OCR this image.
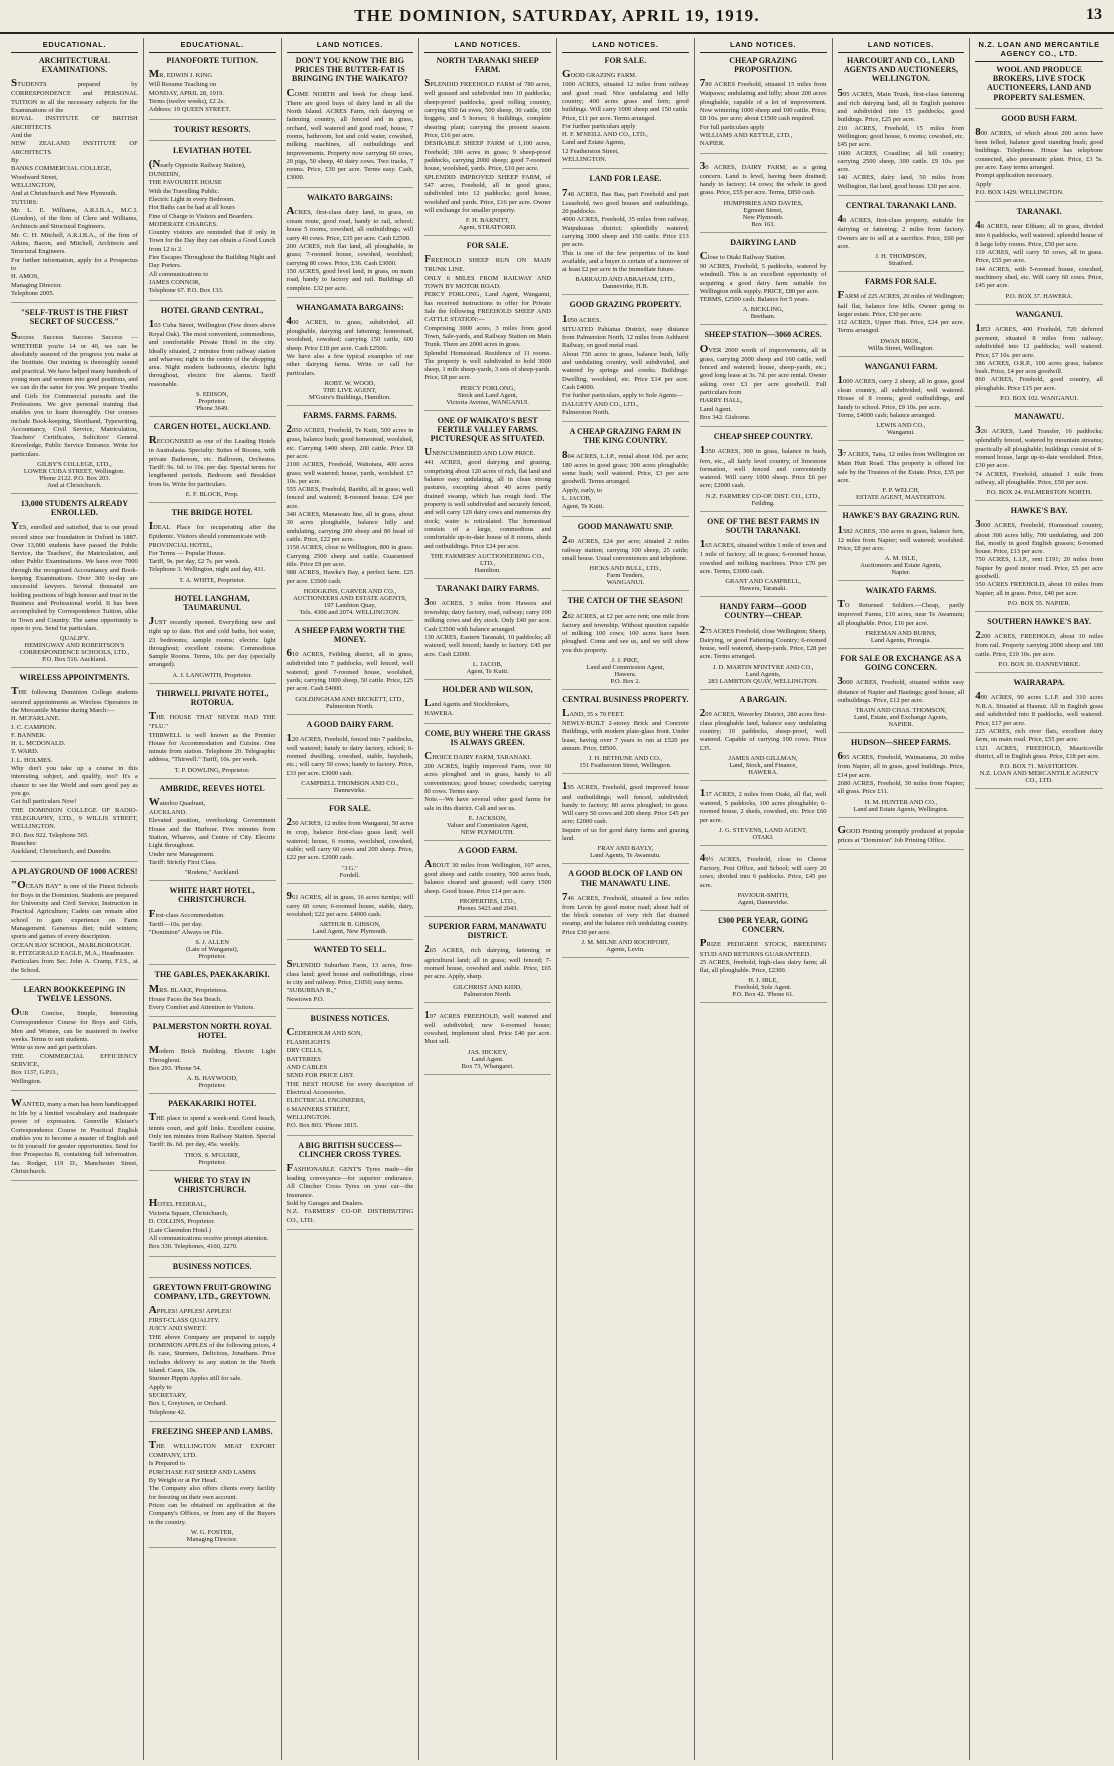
THE DOMINION, SATURDAY, APRIL 19, 1919.	13
EDUCATIONAL.
ARCHITECTURAL EXAMINATIONS.
STUDENTS prepared by CORRESPONDENCE and PERSONAL TUITION in all the necessary subjects for the Examinations of the
ROYAL INSTITUTE OF BRITISH ARCHITECTS
And the
NEW ZEALAND INSTITUTE OF ARCHITECTS
By
BANKS COMMERCIAL COLLEGE,
Woodward Street,
WELLINGTON,
And at Christchurch and New Plymouth.
TUTORS:
Mr. L. E. Williams, A.R.I.B.A., M.C.I. (London), of the firm of Clere and Williams, Architects and Structural Engineers.
Mr. C. H. Mitchell, A.R.I.B.A., of the firm of Atkins, Bacon, and Mitchell, Architects and Structural Engineers.
For further information, apply for a Prospectus to
H. AMOS,
Managing Director.
Telephone 2005.
"SELF-TRUST IS THE FIRST SECRET OF SUCCESS."
Success Success Success Success — WHETHER you're 14 or 40, we can be absolutely assured of the progress you make at the Institute. Our training is thoroughly sound and practical. We have helped many hundreds of young men and women into good positions, and we can do the same for you. We prepare Youths and Girls for Commercial pursuits and the Professions. We give personal training that enables you to learn thoroughly. Our courses include Book-keeping, Shorthand, Typewriting, Accountancy, Civil Service, Matriculation, Teachers' Certificates, Solicitors' General Knowledge, Public Service Entrance. Write for particulars.
GILBY'S COLLEGE, LTD.,
LOWER CUBA STREET, Wellington.
'Phone 2122. P.O. Box 203.
And at Christchurch.
13,000 STUDENTS ALREADY ENROLLED.
YES, enrolled and satisfied, that is our proud record since our foundation in Oxford in 1887. Over 13,000 students have passed the Public Service, the Teachers', the Matriculation, and other Public Examinations. We have over 7000 through the recognised Accountancy and Book-keeping Examinations. Over 300 to-day are successful lawyers. Several thousand are holding positions of high honour and trust in the Business and Professional world. It has been accomplished by Correspondence Tuition, alike in Town and Country. The same opportunity is open to you. Send for particulars.
QUALIFY.
HEMINGWAY AND ROBERTSON'S CORRESPONDENCE SCHOOLS, LTD.,
P.O. Box 516. Auckland.
WIRELESS APPOINTMENTS.
THE following Dominion College students secured appointments as Wireless Operators in the Mercantile Marine during March:—
H. MCFARLANE.
J. C. CAMPION.
F. BANNER.
H. L. MCDONALD.
T. WARD.
J. L. HOLMES.
Why don't you take up a course in this interesting subject, and qualify, too? It's a chance to see the World and earn good pay as you go.
Get full particulars Now!
THE DOMINION COLLEGE OF RADIO-TELEGRAPHY, LTD., 9 WILLIS STREET, WELLINGTON.
P.O. Box 922. Telephone 565.
Branches:
Auckland, Christchurch, and Dunedin.
A PLAYGROUND OF 1000 ACRES!
"OCEAN BAY" is one of the Finest Schools for Boys in the Dominion. Students are prepared for University and Civil Service; Instruction in Practical Agriculture; Cadets can remain after school to gain experience on Farm Management. Generous diet; mild winters; sports and games of every description.
OCEAN BAY SCHOOL, MARLBOROUGH.
R. FITZGERALD EAGLE, M.A., Headmaster.
Particulars from Sec. John A. Cramp, F.I.S., at the School.
LEARN BOOKKEEPING IN TWELVE LESSONS.
OUR Concise, Simple, Interesting Correspondence Course for Boys and Girls, Men and Women, can be mastered in twelve weeks. Terms to suit students.
Write us now and get particulars.
THE COMMERCIAL EFFICIENCY SERVICE,
Box 1137, G.P.O.,
Wellington.
WANTED, many a man has been handicapped in life by a limited vocabulary and inadequate power of expression. Grenville Kleiser's Correspondence Course in Practical English enables you to become a master of English and to fit yourself for greater opportunities. Send for free Prospectus B, containing full information. Jas. Rodger, 119 D., Manchester Street, Christchurch.
EDUCATIONAL.
PIANOFORTE TUITION.
MR. EDWIN J. KING
Will Resume Teaching on
MONDAY, APRIL 28, 1919.
Terms (twelve weeks), £2 2s.
Address: 19 QUEEN STREET.
TOURIST RESORTS.
LEVIATHAN HOTEL
(Nearly Opposite Railway Station),
DUNEDIN,
THE FAVOURITE HOUSE
With the Travelling Public.
Electric Light in every Bedroom.
Hot Baths can be had at all hours
Fine of Charge to Visitors and Boarders.
MODERATE CHARGES.
Country visitors are reminded that if only in Town for the Day they can obtain a Good Lunch from 12 to 2.
Fire Escapes Throughout the Building Night and Day Porters.
All communications to
JAMES CONNOR,
Telephone 67. P.O. Box 133.
HOTEL GRAND CENTRAL,
103 Cuba Street, Wellington (Few doors above Royal Oak). The most convenient, commodious, and comfortable Private Hotel in the city. Ideally situated, 2 minutes from railway station and wharves; right in the centre of the shopping area. Night modern bathrooms, electric light throughout, electric fire alarms. Tariff reasonable.
S. EDISON,
Proprietor.
'Phone 3649.
CARGEN HOTEL, AUCKLAND.
RECOGNISED as one of the Leading Hotels in Australasia. Specialty: Suites of Rooms, with private Bathroom, etc. Ballroom, Orchestra. Tariff: 9s. 6d. to 16s. per day. Special terms for lengthened periods. Bedroom and Breakfast from 6s. Write for particulars.
E. F. BLOCK, Prop.
THE BRIDGE HOTEL
IDEAL Place for recuperating after the Epidemic. Visitors should communicate with
PROVINCIAL HOTEL,
For Terms — Popular House.
Tariff, 9s. per day, £2 7s. per week.
Telephone 3. Wellington, night and day, 431.
T. A. WHITE, Proprietor.
HOTEL LANGHAM, TAUMARUNUI.
JUST recently opened. Everything new and right up to date. Hot and cold baths, hot water, 23 bedrooms; sample rooms; electric light throughout; excellent cuisine. Commodious Sample Rooms. Terms, 10s. per day (specially arranged).
A. J. LANGWITH, Proprietor.
THIRWELL PRIVATE HOTEL, ROTORUA.
THE HOUSE THAT NEVER HAD THE "FLU."
THIRWELL is well known as the Premier House for Accommodation and Cuisine. One minute from station. Telephone 20. Telegraphic address, "Thirwell." Tariff, 10s. per week.
T. P. DOWLING, Proprietor.
AMBRIDE, REEVES HOTEL
Waterloo Quadrant,
AUCKLAND.
Elevated position, overlooking Government House and the Harbour. Five minutes from Station, Wharves, and Centre of City. Electric Light throughout.
Under new Management.
Tariff: Strictly First Class.
"Rodene," Auckland.
WHITE HART HOTEL, CHRISTCHURCH.
First-class Accommodation.
Tariff—10s. per day.
"Dominion" Always on File.
S. J. ALLEN
(Late of Wanganui),
Proprietor.
THE GABLES, PAEKAKARIKI.
MRS. BLAKE, Proprietress.
House Faces the Sea Beach.
Every Comfort and Attention to Visitors.
PALMERSTON NORTH. ROYAL HOTEL
Modern Brick Building. Electric Light Throughout.
Box 293. 'Phone 54.
A. B. HAYWOOD,
Proprietor.
PAEKAKARIKI HOTEL
THE place to spend a week-end. Good beach, tennis court, and golf links. Excellent cuisine. Only ten minutes from Railway Station. Special Tariff: 8s. 6d. per day, 45s. weekly.
THOS. S. M'GUIRE,
Proprietor.
WHERE TO STAY IN CHRISTCHURCH.
HOTEL FEDERAL,
Victoria Square, Christchurch,
D. COLLINS, Proprietor.
(Late Clarendon Hotel.)
All communications receive prompt attention.
Box 330. Telephones, 4160, 2270.
BUSINESS NOTICES.
GREYTOWN FRUIT-GROWING COMPANY, LTD., GREYTOWN.
APPLES! APPLES! APPLES!
FIRST-CLASS QUALITY.
JUICY AND SWEET.
THE above Company are prepared to supply DOMINION APPLES of the following prices, 4 lb. case, Sturmers, Delicious, Jonathans. Price includes delivery to any station in the North Island. Cases, 10s.
Sturmer Pippin Apples still for sale.
Apply to
SECRETARY,
Box 1, Greytown, or Orchard.
Telephone 42.
FREEZING SHEEP AND LAMBS.
THE WELLINGTON MEAT EXPORT COMPANY, LTD.
Is Prepared to
PURCHASE FAT SHEEP AND LAMBS
By Weight or at Per Head.
The Company also offers clients every facility for freezing on their own account.
Prices can be obtained on application at the Company's Offices, or from any of the Buyers in the country.
W. G. FOSTER,
Managing Director.
LAND NOTICES.
DON'T YOU KNOW THE BIG PRICES THE BUTTER-FAT IS BRINGING IN THE WAIKATO?
COME NORTH and book for cheap land. There are good buys of dairy land in all the North Island. ACRES Farm, rich dairying or fattening country, all fenced and in grass, orchard, well watered and good road, house, 7 rooms, bathroom, hot and cold water, cowshed, milking machines, all outbuildings and improvements. Property now carrying 60 cows, 20 pigs, 50 sheep, 40 dairy cows. Two tracks, 7 rooms. Price, £30 per acre. Terms easy. Cash, £3000.
WAIKATO BARGAINS:
ACRES, first-class dairy land, in grass, on cream route, good road, handy to rail, school; house 5 rooms, cowshed, all outbuildings; will carry 40 cows. Price, £35 per acre. Cash £2500.
200 ACRES, rich flat land, all ploughable, in grass; 7-roomed house, cowshed, woolshed; carrying 80 cows. Price, £36. Cash £3000.
150 ACRES, good level land, in grass, on main road, handy to factory and rail. Buildings all complete. £32 per acre.
WHANGAMATA BARGAINS:
400 ACRES, in grass, subdivided, all ploughable, dairying and fattening; homestead, woolshed, cowshed; carrying 150 cattle, 600 sheep. Price £18 per acre. Cash £2500.
We have also a few typical examples of our other dairying farms. Write or call for particulars.
ROBT. W. WOOD,
THE LIVE AGENT,
M'Guire's Buildings, Hamilton.
FARMS. FARMS. FARMS.
2050 ACRES, Freehold, Te Kuiti, 500 acres in grass, balance bush; good homestead, woolshed, etc. Carrying 1400 sheep, 200 cattle. Price £8 per acre.
2100 ACRES, Freehold, Waitotara, 400 acres grass; well watered; house, yards, woolshed. £7 10s. per acre.
555 ACRES, Freehold, Raetihi, all in grass; well fenced and watered; 8-roomed house. £24 per acre.
340 ACRES, Manawatu line, all in grass, about 30 acres ploughable, balance hilly and undulating, carrying 200 sheep and 80 head of cattle. Price, £22 per acre.
1150 ACRES, close to Wellington, 800 in grass. Carrying 2500 sheep and cattle. Guaranteed title. Price £9 per acre.
988 ACRES, Hawke's Bay, a perfect farm. £25 per acre. £3500 cash.
HODGKINS, CARVER AND CO.,
AUCTIONEERS AND ESTATE AGENTS,
197 Lambton Quay,
Tels. 4306 and 2074. WELLINGTON.
A SHEEP FARM WORTH THE MONEY.
610 ACRES, Feilding district, all in grass, subdivided into 7 paddocks, well fenced, well watered; good 7-roomed house, woolshed, yards; carrying 1000 sheep, 50 cattle. Price, £25 per acre. Cash £4000.
GOLDINGHAM AND BECKETT, LTD.,
Palmerston North.
A GOOD DAIRY FARM.
120 ACRES, Freehold, fenced into 7 paddocks, well watered; handy to dairy factory, school; 6-roomed dwelling, cowshed, stable, haysheds, etc.; will carry 50 cows; handy to factory. Price, £33 per acre. £3000 cash.
CAMPBELL THOMSON AND CO.,
Dannevirke.
FOR SALE.
250 ACRES, 12 miles from Wanganui, 50 acres in crop, balance first-class grass land; well watered; house, 6 rooms, woolshed, cowshed, stable; will carry 60 cows and 200 sheep. Price, £22 per acre. £2000 cash.
"J.G."
Fordell.
961 ACRES, all in grass, 16 acres turnips; will carry 60 cows; 6-roomed house, stable, dairy, woolshed; £22 per acre. £4000 cash.
ARTHUR B. GIBSON,
Land Agent, New Plymouth.
WANTED TO SELL.
SPLENDID Suburban Farm, 13 acres, first-class land; good house and outbuildings, close to city and railway. Price, £1050; easy terms.
"SUBURBAN R.,"
Newtown P.O.
BUSINESS NOTICES.
CEDERHOLM AND SON,
FLASHLIGHTS
DRY CELLS,
BATTERIES
AND CABLES
SEND FOR PRICE LIST.
THE BEST HOUSE for every description of Electrical Accessories.
ELECTRICAL ENGINEERS,
6 MANNERS STREET,
WELLINGTON.
P.O. Box 803. 'Phone 1815.
A BIG BRITISH SUCCESS— CLINCHER CROSS TYRES.
FASHIONABLE GENT'S Tyres made—the leading conveyance—for superior endurance. All Clincher Cross Tyres on your car—the Insurance.
Sold by Garages and Dealers.
N.Z. FARMERS' CO-OP. DISTRIBUTING CO., LTD.
LAND NOTICES.
NORTH TARANAKI SHEEP FARM.
SPLENDID FREEHOLD FARM of 780 acres, well grassed and subdivided into 10 paddocks; sheep-proof paddocks, good rolling country, carrying 650 fat ewes, 500 sheep, 30 cattle, 100 hoggets, and 5 horses; 6 buildings, complete shearing plant; carrying the present season. Price, £16 per acre.
DESIRABLE SHEEP FARM of 1,100 acres, Freehold; 300 acres in grass; 9 sheep-proof paddocks, carrying 2000 sheep; good 7-roomed house, woolshed, yards. Price, £10 per acre.
SPLENDID IMPROVED SHEEP FARM, of 547 acres, Freehold, all in good grass, subdivided into 12 paddocks; good house, woolshed and yards. Price, £16 per acre. Owner will exchange for smaller property.
F. H. BARNITT,
Agent, STRATFORD.
FOR SALE.
FREEHOLD SHEEP RUN ON MAIN TRUNK LINE.
ONLY 6 MILES FROM RAILWAY AND TOWN BY MOTOR ROAD.
PERCY FORLONG, Land Agent, Wanganui, has received instructions to offer for Private Sale the following FREEHOLD SHEEP AND CATTLE STATION:—
Comprising 3000 acres, 3 miles from good Town, Sale-yards, and Railway Station on Main Trunk. There are 2000 acres in grass.
Splendid Homestead. Residence of 11 rooms. The property is well subdivided to hold 3000 sheep, 1 mile sheep-yards, 3 sets of sheep-yards. Price, £8 per acre.
PERCY FORLONG,
Stock and Land Agent,
Victoria Avenue, WANGANUI.
ONE OF WAIKATO'S BEST FERTILE VALLEY FARMS. PICTURESQUE AS SITUATED.
UNENCUMBERED AND LOW PRICE.
441 ACRES, good dairying and grazing, comprising about 120 acres of rich, flat land and balance easy undulating, all in clean strong pastures, excepting about 40 acres partly drained swamp, which has rough feed. The property is well subdivided and securely fenced, and will carry 120 dairy cows and numerous dry stock; water is reticulated. The homestead consists of a large, commodious and comfortable up-to-date house of 8 rooms, sheds and outbuildings. Price £24 per acre.
THE FARMERS' AUCTIONEERING CO., LTD.,
Hamilton.
TARANAKI DAIRY FARMS.
300 ACRES, 3 miles from Hawera and township; dairy factory, road, railway; carry 100 milking cows and dry stock. Only £40 per acre. Cash £3500 with balance arranged.
130 ACRES, Eastern Taranaki, 10 paddocks; all watered, well fenced; handy to factory. £45 per acre. Cash £2000.
L. JACOB,
Agent, Te Kuiti.
HOLDER AND WILSON,
Land Agents and Stockbrokers,
HAWERA.
COME, BUY WHERE THE GRASS IS ALWAYS GREEN.
CHOICE DAIRY FARM, TARANAKI.
200 ACRES, highly improved Farm, over 60 acres ploughed and in grass, handy to all conveniences; good house; cowsheds; carrying 80 cows. Terms easy.
Note.—We have several other good farms for sale in this district. Call and see us.
E. JACKSON,
Valuer and Commission Agent,
NEW PLYMOUTH.
A GOOD FARM.
ABOUT 30 miles from Wellington, 107 acres, good sheep and cattle country, 500 acres bush, balance cleared and grassed; will carry 1500 sheep. Good house. Price £14 per acre.
PROPERTIES, LTD.,
Phones 3423 and 2043.
SUPERIOR FARM, MANAWATU DISTRICT.
265 ACRES, rich dairying, fattening or agricultural land; all in grass; well fenced; 7-roomed house, cowshed and stable. Price, £65 per acre. Apply, sharp.
GILCHRIST AND KIDD,
Palmerston North.
107 ACRES FREEHOLD, well watered and well subdivided; new 6-roomed house; cowshed, implement shed. Price £40 per acre. Must sell.
JAS. HICKEY,
Land Agent.
Box 73, Whangarei.
LAND NOTICES.
FOR SALE.
GOOD GRAZING FARM.
1000 ACRES, situated 12 miles from railway and good road. Nice undulating and hilly country; 400 acres grass and fern; good buildings. Will carry 1000 sheep and 150 cattle. Price, £11 per acre. Terms arranged.
For further particulars apply
H. F. M'NEILL AND CO., LTD.,
Land and Estate Agents,
12 Featherston Street,
WELLINGTON.
LAND FOR LEASE.
748 ACRES, Bas Bas, part Freehold and part Leasehold, two good houses and outbuildings, 20 paddocks.
4000 ACRES, Freehold, 35 miles from railway, Waipukurau district; splendidly watered; carrying 3000 sheep and 150 cattle. Price £13 per acre.
This is one of the few properties of its kind available, and a buyer is certain of a turnover of at least £2 per acre in the immediate future.
BARRAUD AND ABRAHAM, LTD.,
Dannevirke, H.B.
GOOD GRAZING PROPERTY.
1050 ACRES.
SITUATED Pahiatua District, easy distance from Palmerston North, 12 miles from Ashhurst Railway, on good metal road.
About 750 acres in grass, balance bush, hilly and undulating country, well subdivided, and watered by springs and creeks. Buildings: Dwelling, woolshed, etc. Price £14 per acre. Cash £4000.
For further particulars, apply to Sole Agents—
DALGETY AND CO., LTD.,
Palmerston North.
A CHEAP GRAZING FARM IN THE KING COUNTRY.
804 ACRES, L.I.P., rental about 10d. per acre; 180 acres in good grass; 300 acres ploughable; some bush; well watered. Price, £3 per acre goodwill. Terms arranged.
Apply, early, to
L. JACOB,
Agent, Te Kuiti.
GOOD MANAWATU SNIP.
240 ACRES, £24 per acre; situated 2 miles railway station; carrying 100 sheep, 25 cattle; small house. Usual conveniences and telephone.
HICKS AND BULL, LTD.,
Farm Tenders,
WANGANUI.
THE CATCH OF THE SEASON!
282 ACRES, at £2 per acre rent; one mile from factory and township. Without question capable of milking 100 cows; 100 acres have been ploughed. Come and see us, and we will show you this property.
J. J. PIKE,
Land and Commission Agent,
Hawera.
P.O. Box 2.
CENTRAL BUSINESS PROPERTY.
LAND, 35 x 70 FEET.
NEWLY-BUILT 2-storey Brick and Concrete Buildings, with modern plate-glass front. Under lease, having over 7 years to run at £520 per annum. Price, £8500.
J. H. BETHUNE AND CO.,
151 Featherston Street, Wellington.
195 ACRES, Freehold, good improved house and outbuildings; well fenced, subdivided; handy to factory; 80 acres ploughed; in grass. Will carry 50 cows and 200 sheep. Price £45 per acre; £2000 cash.
Inquire of us for good dairy farms and grazing land.
FRAY AND BAYLY,
Land Agents, Te Awamutu.
A GOOD BLOCK OF LAND ON THE MANAWATU LINE.
746 ACRES, Freehold, situated a few miles from Levin by good motor road; about half of the block consists of very rich flat drained swamp, and the balance rich undulating country. Price £30 per acre.
J. M. MILNE AND ROCHFORT,
Agents, Levin.
LAND NOTICES.
CHEAP GRAZING PROPOSITION.
780 ACRES Freehold, situated 15 miles from Waipawa; undulating and hilly; about 200 acres ploughable, capable of a lot of improvement. Now wintering 1000 sheep and 100 cattle. Price, £8 10s. per acre; about £1500 cash required.
For full particulars apply
WILLIAMS AND KETTLE, LTD.,
NAPIER.
30 ACRES, DAIRY FARM, as a going concern. Land is level, having been drained; handy to factory; 14 cows; the whole in good grass. Price, £55 per acre. Terms, £850 cash.
HUMPHRIES AND DAVIES,
Egmont Street,
New Plymouth.
Box 163.
DAIRYING LAND
Close to Otaki Railway Station.
90 ACRES, Freehold, 5 paddocks, watered by windmill. This is an excellent opportunity of acquiring a good dairy farm suitable for Wellington milk supply. PRICE, £80 per acre.
TERMS, £2500 cash. Balance for 5 years.
A. BICKLING,
Beetham.
SHEEP STATION—3060 ACRES.
OVER 2000 worth of improvements, all in grass, carrying 2000 sheep and 160 cattle, well fenced and watered; house, sheep-yards, etc.; good long lease at 3s. 7d. per acre rental. Owner asking over £3 per acre goodwill. Full particulars from
HARRY HALL,
Land Agent.
Box 342. Gisborne.
CHEAP SHEEP COUNTRY.
1350 ACRES, 300 in grass, balance in bush, fern, etc., all fairly level country, of limestone formation, well fenced and conveniently watered. Will carry 1000 sheep. Price £6 per acre; £2000 cash.
N.Z. FARMERS' CO-OP. DIST. CO., LTD.,
Feilding.
ONE OF THE BEST FARMS IN SOUTH TARANAKI.
165 ACRES, situated within 1 mile of town and 1 mile of factory; all in grass; 6-roomed house, cowshed and milking machines. Price £70 per acre. Terms, £3000 cash.
GRANT AND CAMPBELL,
Hawera, Taranaki.
HANDY FARM—GOOD COUNTRY—CHEAP.
275 ACRES Freehold, close Wellington; Sheep, Dairying, or good Fattening Country; 6-roomed house, well watered, sheep-yards. Price, £28 per acre. Terms arranged.
J. D. MARTIN M'INTYRE AND CO.,
Land Agents,
283 LAMBTON QUAY, WELLINGTON.
A BARGAIN.
209 ACRES, Waverley District, 280 acres first-class ploughable land, balance easy undulating country; 10 paddocks, sheep-proof, well watered. Capable of carrying 100 cows. Price £35.
JAMES AND GILLMAN,
Land, Stock, and Finance,
HAWERA.
137 ACRES, 2 miles from Otaki, all flat, well watered, 5 paddocks, 100 acres ploughable; 6-roomed house, 2 sheds, cowshed, etc. Price £60 per acre.
J. G. STEVENS, LAND AGENT,
OTAKI.
49½ ACRES, Freehold, close to Cheese Factory, Post Office, and School; will carry 20 cows; divided into 6 paddocks. Price, £45 per acre.
PAVIOUR-SMITH,
Agent, Dannevirke.
£300 PER YEAR, GOING CONCERN.
PRIZE PEDIGREE STOCK, BREEDING STUD AND RETURNS GUARANTEED.
25 ACRES, freehold, high-class dairy farm; all flat, all ploughable. Price, £2300.
H. J. IBLE,
Freehold, Sole Agent.
P.O. Box 42. 'Phone 61.
LAND NOTICES.
HARCOURT AND CO., LAND AGENTS AND AUCTIONEERS, WELLINGTON.
595 ACRES, Main Trunk, first-class fattening and rich dairying land, all in English pastures and subdivided into 15 paddocks; good buildings. Price, £25 per acre.
210 ACRES, Freehold, 15 miles from Wellington; good house, 6 rooms; cowshed, etc. £45 per acre.
1600 ACRES, Coastline; all hill country; carrying 2500 sheep, 300 cattle. £9 10s. per acre.
140 ACRES, dairy land, 50 miles from Wellington, flat land, good house. £30 per acre.
CENTRAL TARANAKI LAND.
48 ACRES, first-class property, suitable for dairying or fattening; 2 miles from factory. Owners are to sell at a sacrifice. Price, £60 per acre.
J. H. THOMPSON,
Stratford.
FARMS FOR SALE.
FARM of 225 ACRES, 20 miles of Wellington; half flat, balance low hills. Owner going to larger estate. Price, £30 per acre.
112 ACRES, Upper Hutt. Price, £24 per acre. Terms arranged.
DWAN BROS.,
Willis Street, Wellington.
WANGANUI FARM.
1000 ACRES, carry 2 sheep, all in grass, good clean country, all subdivided, well watered. House of 8 rooms, good outbuildings, and handy to school. Price, £9 10s. per acre.
Terms, £4000 cash; balance arranged.
LEWIS AND CO.,
Wanganui.
37 ACRES, Taita, 12 miles from Wellington on Main Hutt Road. This property is offered for sale by the Trustees of the Estate. Price, £35 per acre.
F. P. WELCH,
ESTATE AGENT, MASTERTON.
HAWKE'S BAY GRAZING RUN.
1582 ACRES, 350 acres in grass, balance fern, 12 miles from Napier; well watered; woolshed. Price, £8 per acre.
A. M. ISLE,
Auctioneers and Estate Agents,
Napier.
WAIKATO FARMS.
TO Returned Soldiers.—Cheap, partly improved Farms, £10 acres, near Te Awamutu; all ploughable. Price, £16 per acre.
FREEMAN AND BURNS,
Land Agents, Pirongia.
FOR SALE OR EXCHANGE AS A GOING CONCERN.
3000 ACRES, Freehold, situated within easy distance of Napier and Hastings; good house, all outbuildings. Price, £12 per acre.
TRAIN AND CHAS. THOMSON,
Land, Estate, and Exchange Agents,
NAPIER.
HUDSON—SHEEP FARMS.
695 ACRES, Freehold, Waimarama, 20 miles from Napier, all in grass, good buildings. Price, £14 per acre.
2680 ACRES, Freehold, 30 miles from Napier; all grass. Price £11.
H. M. HUNTER AND CO.,
Land and Estate Agents, Wellington.
GOOD Printing promptly produced at popular prices at "Dominion" Job Printing Office.
N.Z. LOAN AND MERCANTILE AGENCY CO., LTD.
WOOL AND PRODUCE BROKERS, LIVE STOCK AUCTIONEERS, LAND AND PROPERTY SALESMEN.
GOOD BUSH FARM.
800 ACRES, of which about 200 acres have been felled, balance good standing bush; good buildings. Telephone. House has telephone connected, also pneumatic plant. Price, £3 5s. per acre. Easy terms arranged.
Prompt application necessary.
Apply
P.O. BOX 1429. WELLINGTON.
TARANAKI.
48 ACRES, near Eltham; all in grass, divided into 6 paddocks, well watered; splendid house of 8 large lofty rooms. Price, £50 per acre.
119 ACRES, will carry 50 cows, all in grass. Price, £55 per acre.
144 ACRES, with 5-roomed house, cowshed, machinery shed, etc. Will carry 60 cows. Price, £45 per acre.
P.O. BOX 37. HAWERA.
WANGANUI.
1853 ACRES, 400 Freehold, 720 deferred payment, situated 8 miles from railway; subdivided into 12 paddocks; well watered. Price, £7 10s. per acre.
386 ACRES, O.R.P., 100 acres grass, balance bush. Price, £4 per acre goodwill.
860 ACRES, Freehold, good country, all ploughable. Price £15 per acre.
P.O. BOX 102. WANGANUI.
MANAWATU.
326 ACRES, Land Transfer, 16 paddocks; splendidly fenced, watered by mountain streams; practically all ploughable; buildings consist of 8-roomed house, large up-to-date woolshed. Price, £30 per acre.
74 ACRES, Freehold, situated 1 mile from railway, all ploughable. Price, £50 per acre.
P.O. BOX 24. PALMERSTON NORTH.
HAWKE'S BAY.
3000 ACRES, Freehold, Homestead country, about 300 acres hilly, 700 undulating, and 200 flat, mostly in good English grasses; 6-roomed house. Price, £13 per acre.
750 ACRES, L.I.P., rent £191; 20 miles from Napier by good motor road. Price, £5 per acre goodwill.
350 ACRES FREEHOLD, about 10 miles from Napier; all in grass. Price, £40 per acre.
P.O. BOX 55. NAPIER.
SOUTHERN HAWKE'S BAY.
2200 ACRES, FREEHOLD, about 10 miles from rail. Property carrying 2000 sheep and 180 cattle. Price, £10 10s. per acre.
P.O. BOX 30. DANNEVIRKE.
WAIRARAPA.
400 ACRES, 90 acres L.I.P. and 310 acres N.R.A. Situated at Haunui. All in English grass and subdivided into 8 paddocks, well watered. Price, £17 per acre.
225 ACRES, rich river flats, excellent dairy farm, on main road. Price, £55 per acre.
1321 ACRES, FREEHOLD, Mauricoville district, all in English grass. Price, £18 per acre.
P.O. BOX 71. MASTERTON.
N.Z. LOAN AND MERCANTILE AGENCY CO., LTD.
